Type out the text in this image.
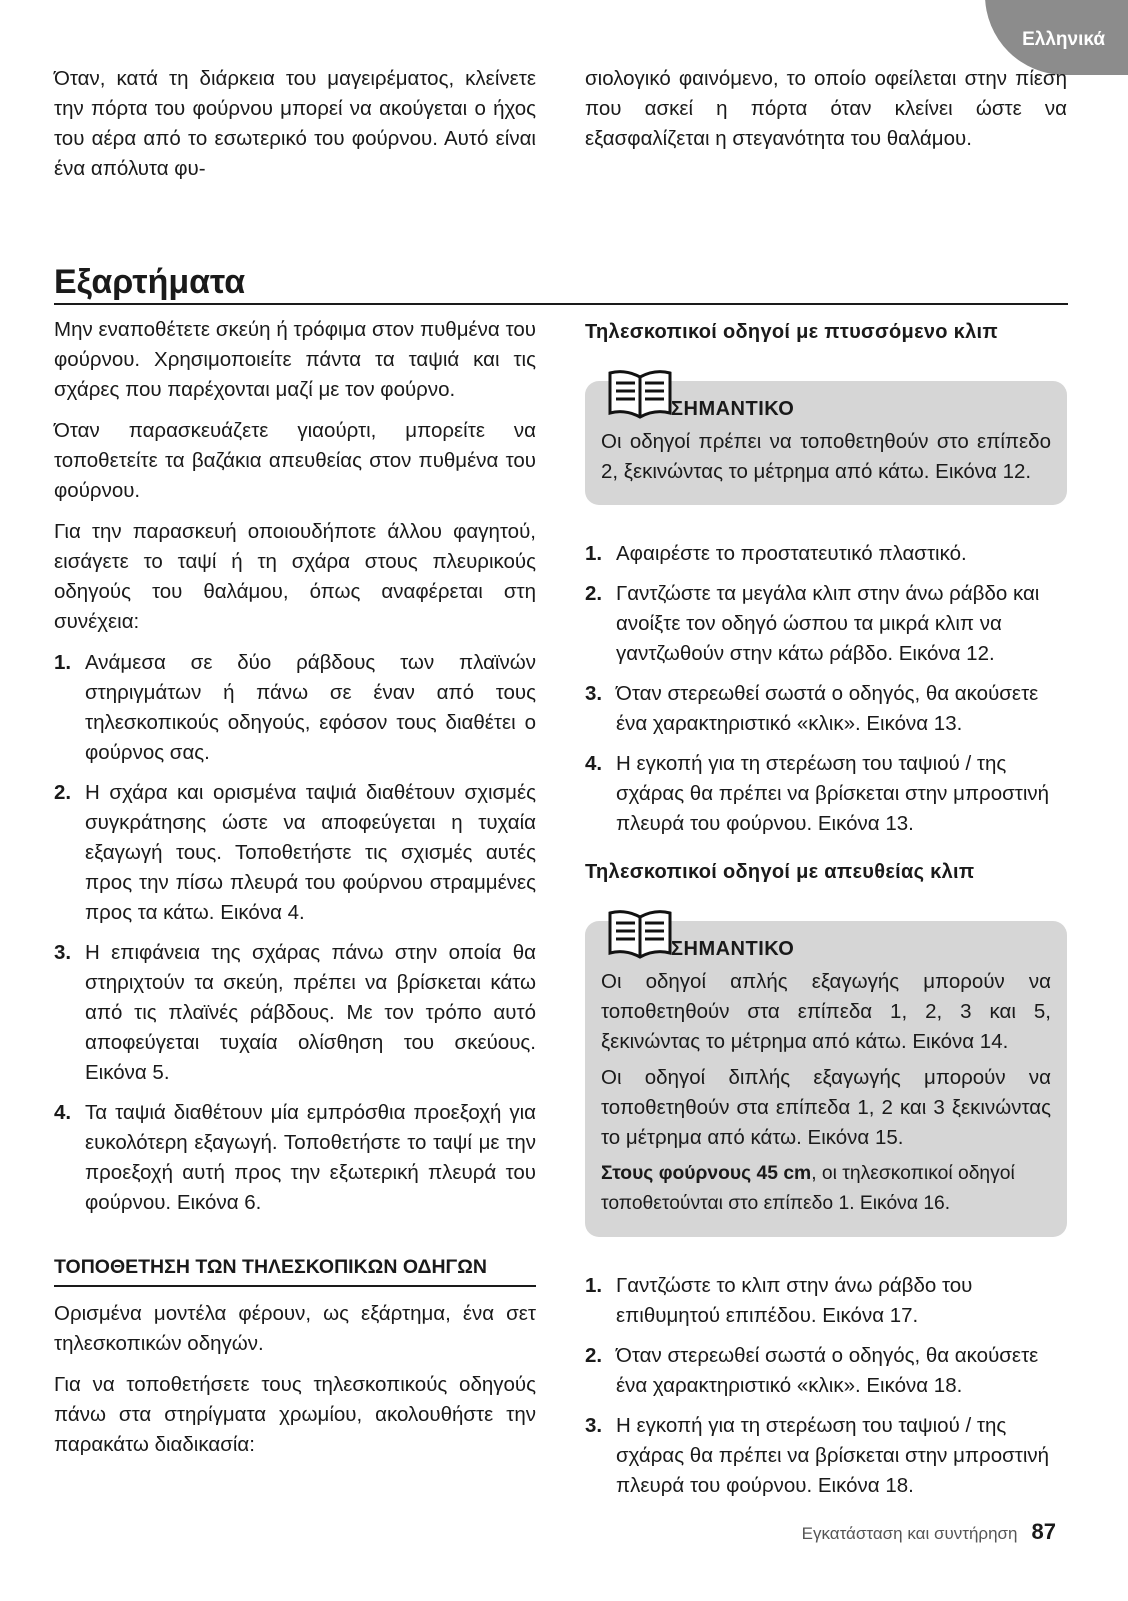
Ελληνικά

Όταν, κατά τη διάρκεια του μαγειρέματος, κλείνετε την πόρτα του φούρνου μπορεί να ακούγεται ο ήχος του αέρα από το εσωτερικό του φούρνου. Αυτό είναι ένα απόλυτα φυ-

σιολογικό φαινόμενο, το οποίο οφείλεται στην πίεση που ασκεί η πόρτα όταν κλείνει ώστε να εξασφαλίζεται η στεγανότητα του θαλάμου.

Εξαρτήματα

Μην εναποθέτετε σκεύη ή τρόφιμα στον πυθμένα του φούρνου. Χρησιμοποιείτε πάντα τα ταψιά και τις σχάρες που παρέχονται μαζί με τον φούρνο.

Όταν παρασκευάζετε γιαούρτι, μπορείτε να τοποθετείτε τα βαζάκια απευθείας στον πυθμένα του φούρνου.

Για την παρασκευή οποιουδήποτε άλλου φαγητού, εισάγετε το ταψί ή τη σχάρα στους πλευρικούς οδηγούς του θαλάμου, όπως αναφέρεται στη συνέχεια:

1. Ανάμεσα σε δύο ράβδους των πλαϊνών στηριγμάτων ή πάνω σε έναν από τους τηλεσκοπικούς οδηγούς, εφόσον τους διαθέτει ο φούρνος σας.
2. Η σχάρα και ορισμένα ταψιά διαθέτουν σχισμές συγκράτησης ώστε να αποφεύγεται η τυχαία εξαγωγή τους. Τοποθετήστε τις σχισμές αυτές προς την πίσω πλευρά του φούρνου στραμμένες προς τα κάτω. Εικόνα 4.
3. Η επιφάνεια της σχάρας πάνω στην οποία θα στηριχτούν τα σκεύη, πρέπει να βρίσκεται κάτω από τις πλαϊνές ράβδους. Με τον τρόπο αυτό αποφεύγεται τυχαία ολίσθηση του σκεύους. Εικόνα 5.
4. Τα ταψιά διαθέτουν μία εμπρόσθια προεξοχή για ευκολότερη εξαγωγή. Τοποθετήστε το ταψί με την προεξοχή αυτή προς την εξωτερική πλευρά του φούρνου. Εικόνα 6.
ΤΟΠΟΘΕΤΗΣΗ ΤΩΝ ΤΗΛΕΣΚΟΠΙΚΩΝ ΟΔΗΓΩΝ

Ορισμένα μοντέλα φέρουν, ως εξάρτημα, ένα σετ τηλεσκοπικών οδηγών.

Για να τοποθετήσετε τους τηλεσκοπικούς οδηγούς πάνω στα στηρίγματα χρωμίου, ακολουθήστε την παρακάτω διαδικασία:

Τηλεσκοπικοί οδηγοί με πτυσσόμενο κλιπ
ΣΗΜΑΝΤΙΚΟ

Οι οδηγοί πρέπει να τοποθετηθούν στο επίπεδο 2, ξεκινώντας το μέτρημα από κάτω. Εικόνα 12.

1. Αφαιρέστε το προστατευτικό πλαστικό.
2. Γαντζώστε τα μεγάλα κλιπ στην άνω ράβδο και ανοίξτε τον οδηγό ώσπου τα μικρά κλιπ να γαντζωθούν στην κάτω ράβδο. Εικόνα 12.
3. Όταν στερεωθεί σωστά ο οδηγός, θα ακούσετε ένα χαρακτηριστικό «κλικ». Εικόνα 13.
4. Η εγκοπή για τη στερέωση του ταψιού / της σχάρας θα πρέπει να βρίσκεται στην μπροστινή πλευρά του φούρνου. Εικόνα 13.
Τηλεσκοπικοί οδηγοί με απευθείας κλιπ
ΣΗΜΑΝΤΙΚΟ

Οι οδηγοί απλής εξαγωγής μπορούν να τοποθετηθούν στα επίπεδα 1, 2, 3 και 5, ξεκινώντας το μέτρημα από κάτω. Εικόνα 14.

Οι οδηγοί διπλής εξαγωγής μπορούν να τοποθετηθούν στα επίπεδα 1, 2 και 3 ξεκινώντας το μέτρημα από κάτω. Εικόνα 15.

Στους φούρνους 45 cm, οι τηλεσκοπικοί οδηγοί τοποθετούνται στο επίπεδο 1. Εικόνα 16.

1. Γαντζώστε το κλιπ στην άνω ράβδο του επιθυμητού επιπέδου. Εικόνα 17.
2. Όταν στερεωθεί σωστά ο οδηγός, θα ακούσετε ένα χαρακτηριστικό «κλικ». Εικόνα 18.
3. Η εγκοπή για τη στερέωση του ταψιού / της σχάρας θα πρέπει να βρίσκεται στην μπροστινή πλευρά του φούρνου. Εικόνα 18.
Εγκατάσταση και συντήρηση 87
